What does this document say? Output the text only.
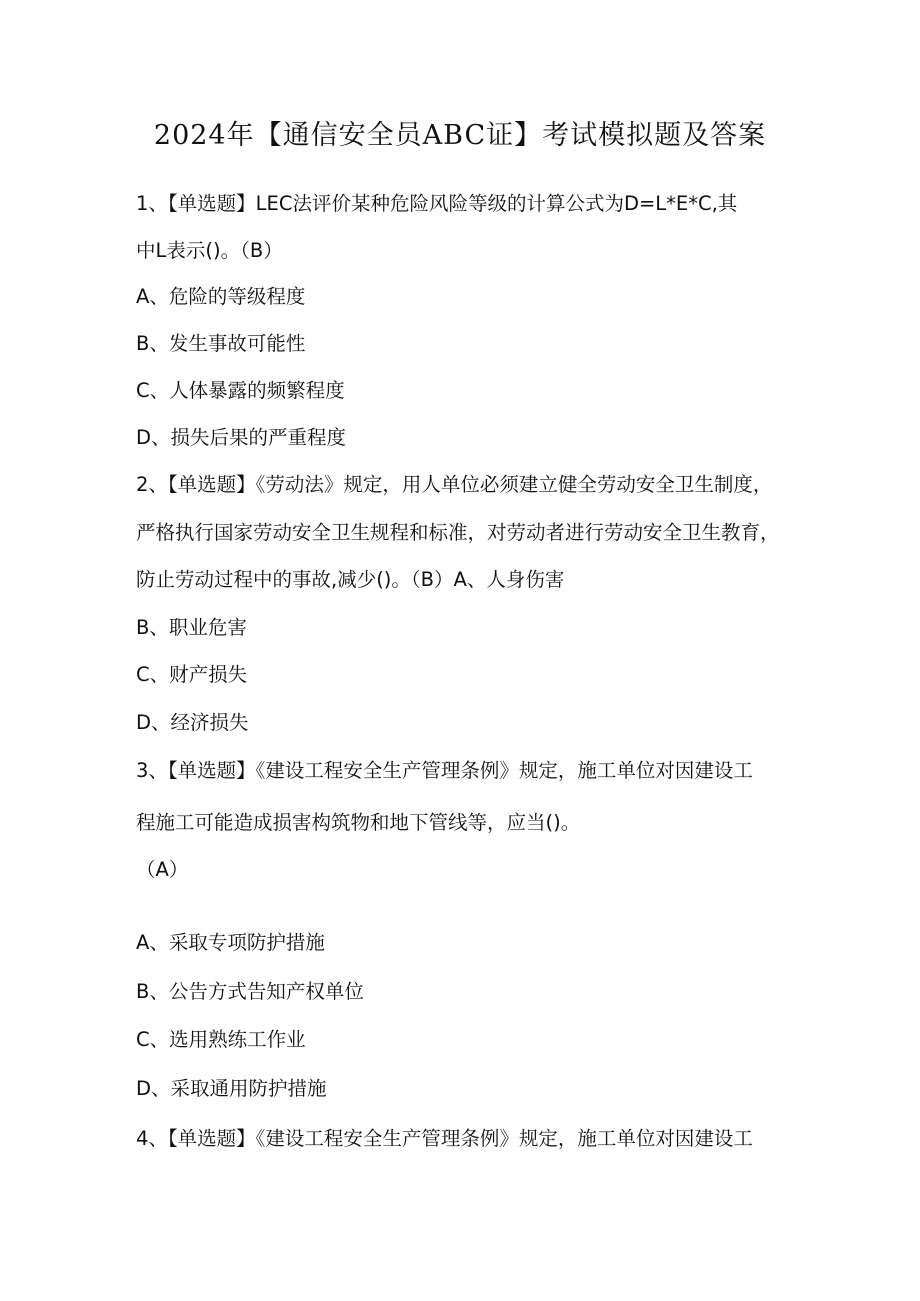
2024年【通信安全员ABC证】考试模拟题及答案

1、【单选题】LEC法评价某种危险风险等级的计算公式为D=L*E*C,其

中L表示()。（B）

A、危险的等级程度

B、发生事故可能性

C、人体暴露的频繁程度

D、损失后果的严重程度

2、【单选题】《劳动法》规定，用人单位必须建立健全劳动安全卫生制度，

严格执行国家劳动安全卫生规程和标准，对劳动者进行劳动安全卫生教育，

防止劳动过程中的事故,减少()。（B）A、人身伤害

B、职业危害

C、财产损失

D、经济损失

3、【单选题】《建设工程安全生产管理条例》规定，施工单位对因建设工

程施工可能造成损害构筑物和地下管线等，应当()。

（A）

A、采取专项防护措施

B、公告方式告知产权单位

C、选用熟练工作业

D、采取通用防护措施

4、【单选题】《建设工程安全生产管理条例》规定，施工单位对因建设工
